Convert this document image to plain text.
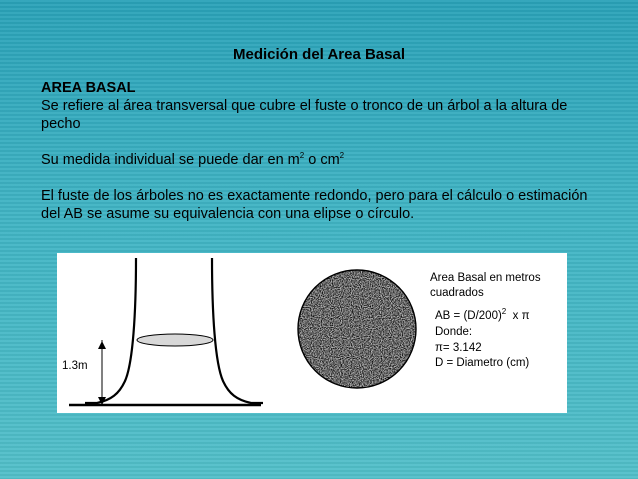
Medición del Area Basal

AREA BASAL

Se refiere al área transversal que cubre el fuste o tronco de un árbol a la altura de pecho

Su medida individual se puede dar en $m^2$ o $cm^2$

El fuste de los árboles no es exactamente redondo, pero para el cálculo o estimación del AB se asume su equivalencia con una elipse o círculo.

1.3m
Area Basal en metros
cuadrados
AB = $(D/200)^2$ x π
Donde:
π= 3.142
D = Diametro (cm)
